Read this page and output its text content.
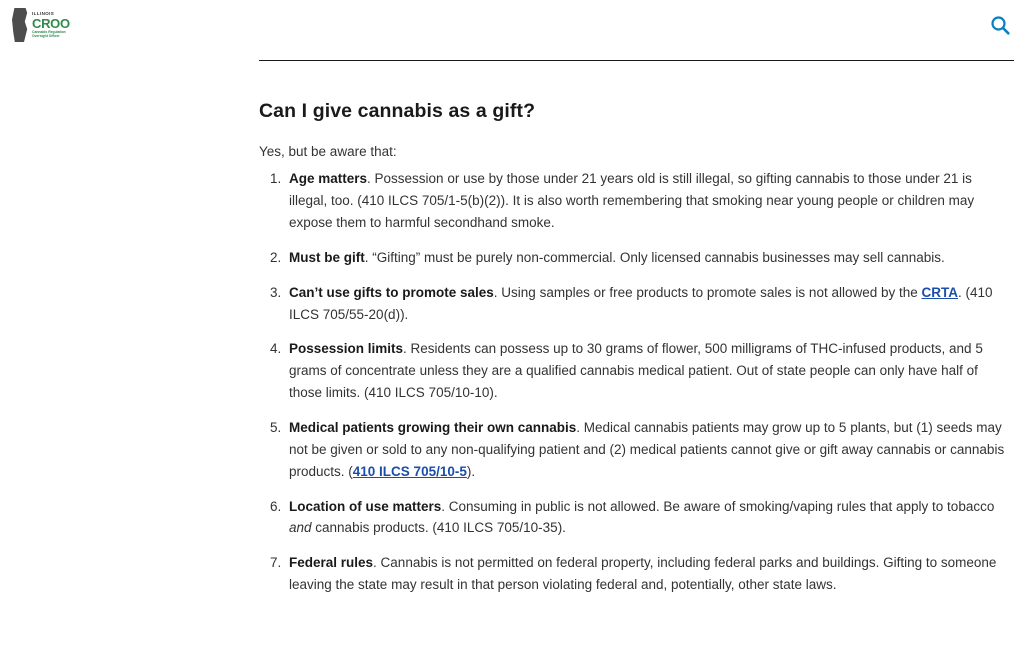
ILLINOIS
CROO
Cannabis Regulation Oversight Officer
Can I give cannabis as a gift?

Yes, but be aware that:

1. Age matters. Possession or use by those under 21 years old is still illegal, so gifting cannabis to those under 21 is illegal, too. (410 ILCS 705/1-5(b)(2)). It is also worth remembering that smoking near young people or children may expose them to harmful secondhand smoke.
2. Must be gift. “Gifting” must be purely non-commercial. Only licensed cannabis businesses may sell cannabis.
3. Can’t use gifts to promote sales. Using samples or free products to promote sales is not allowed by the CRTA. (410 ILCS 705/55-20(d)).
4. Possession limits. Residents can possess up to 30 grams of flower, 500 milligrams of THC-infused products, and 5 grams of concentrate unless they are a qualified cannabis medical patient. Out of state people can only have half of those limits. (410 ILCS 705/10-10).
5. Medical patients growing their own cannabis. Medical cannabis patients may grow up to 5 plants, but (1) seeds may not be given or sold to any non-qualifying patient and (2) medical patients cannot give or gift away cannabis or cannabis products. (410 ILCS 705/10-5).
6. Location of use matters. Consuming in public is not allowed. Be aware of smoking/vaping rules that apply to tobacco and cannabis products. (410 ILCS 705/10-35).
7. Federal rules. Cannabis is not permitted on federal property, including federal parks and buildings. Gifting to someone leaving the state may result in that person violating federal and, potentially, other state laws.
